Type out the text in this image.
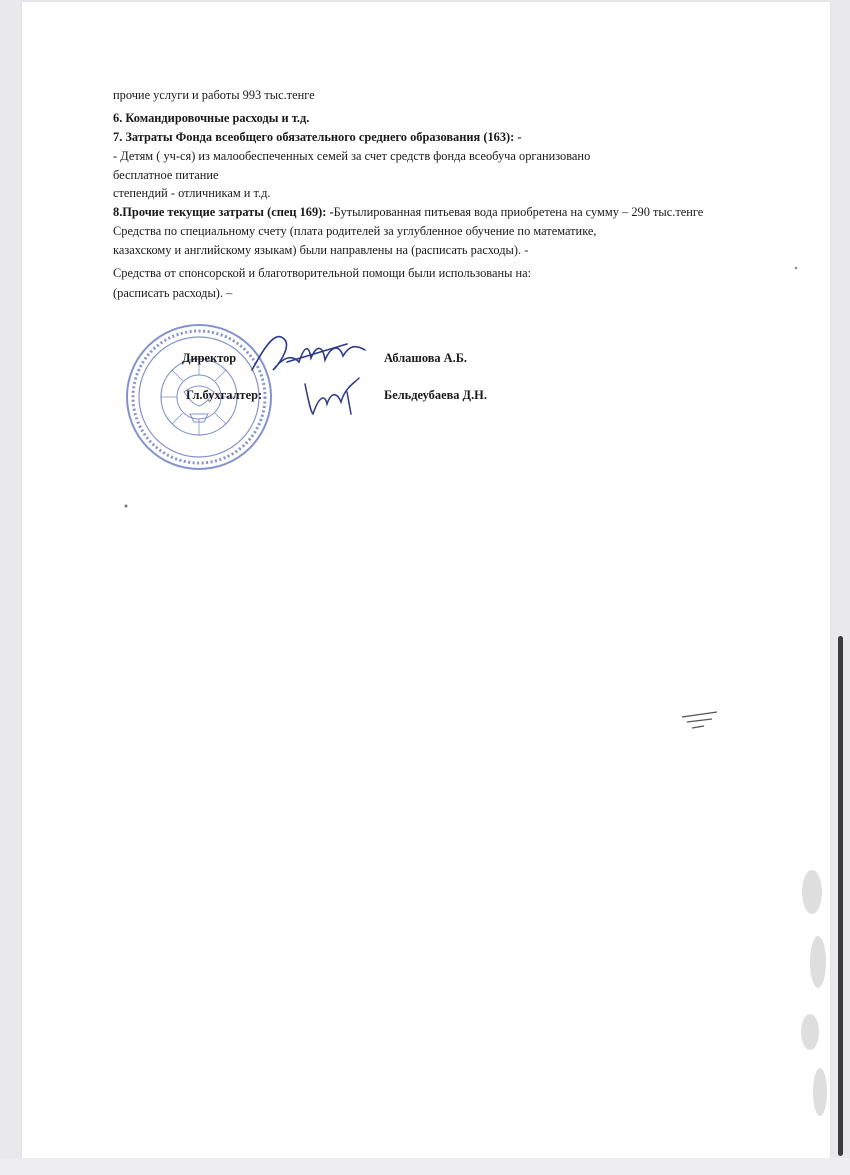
прочие услуги и работы 993 тыс.тенге
6. Командировочные расходы и т.д.
7. Затраты Фонда всеобщего обязательного среднего образования (163): -
- Детям ( уч-ся) из малообеспеченных семей за счет средств фонда всеобуча организовано
бесплатное питание
степендий - отличникам и т.д.
8.Прочие текущие затраты (спец 169): -Бутылированная питьевая вода приобретена на сумму – 290 тыс.тенге
Средства по специальному счету (плата родителей за углубленное обучение по математике,
казахскому и английскому языкам) были направлены на (расписать расходы). -
Средства от спонсорской и благотворительной помощи были использованы на:
(расписать расходы). –
Директор	Аблашова А.Б.
Гл.бухгалтер:	Бельдеубаева Д.Н.
